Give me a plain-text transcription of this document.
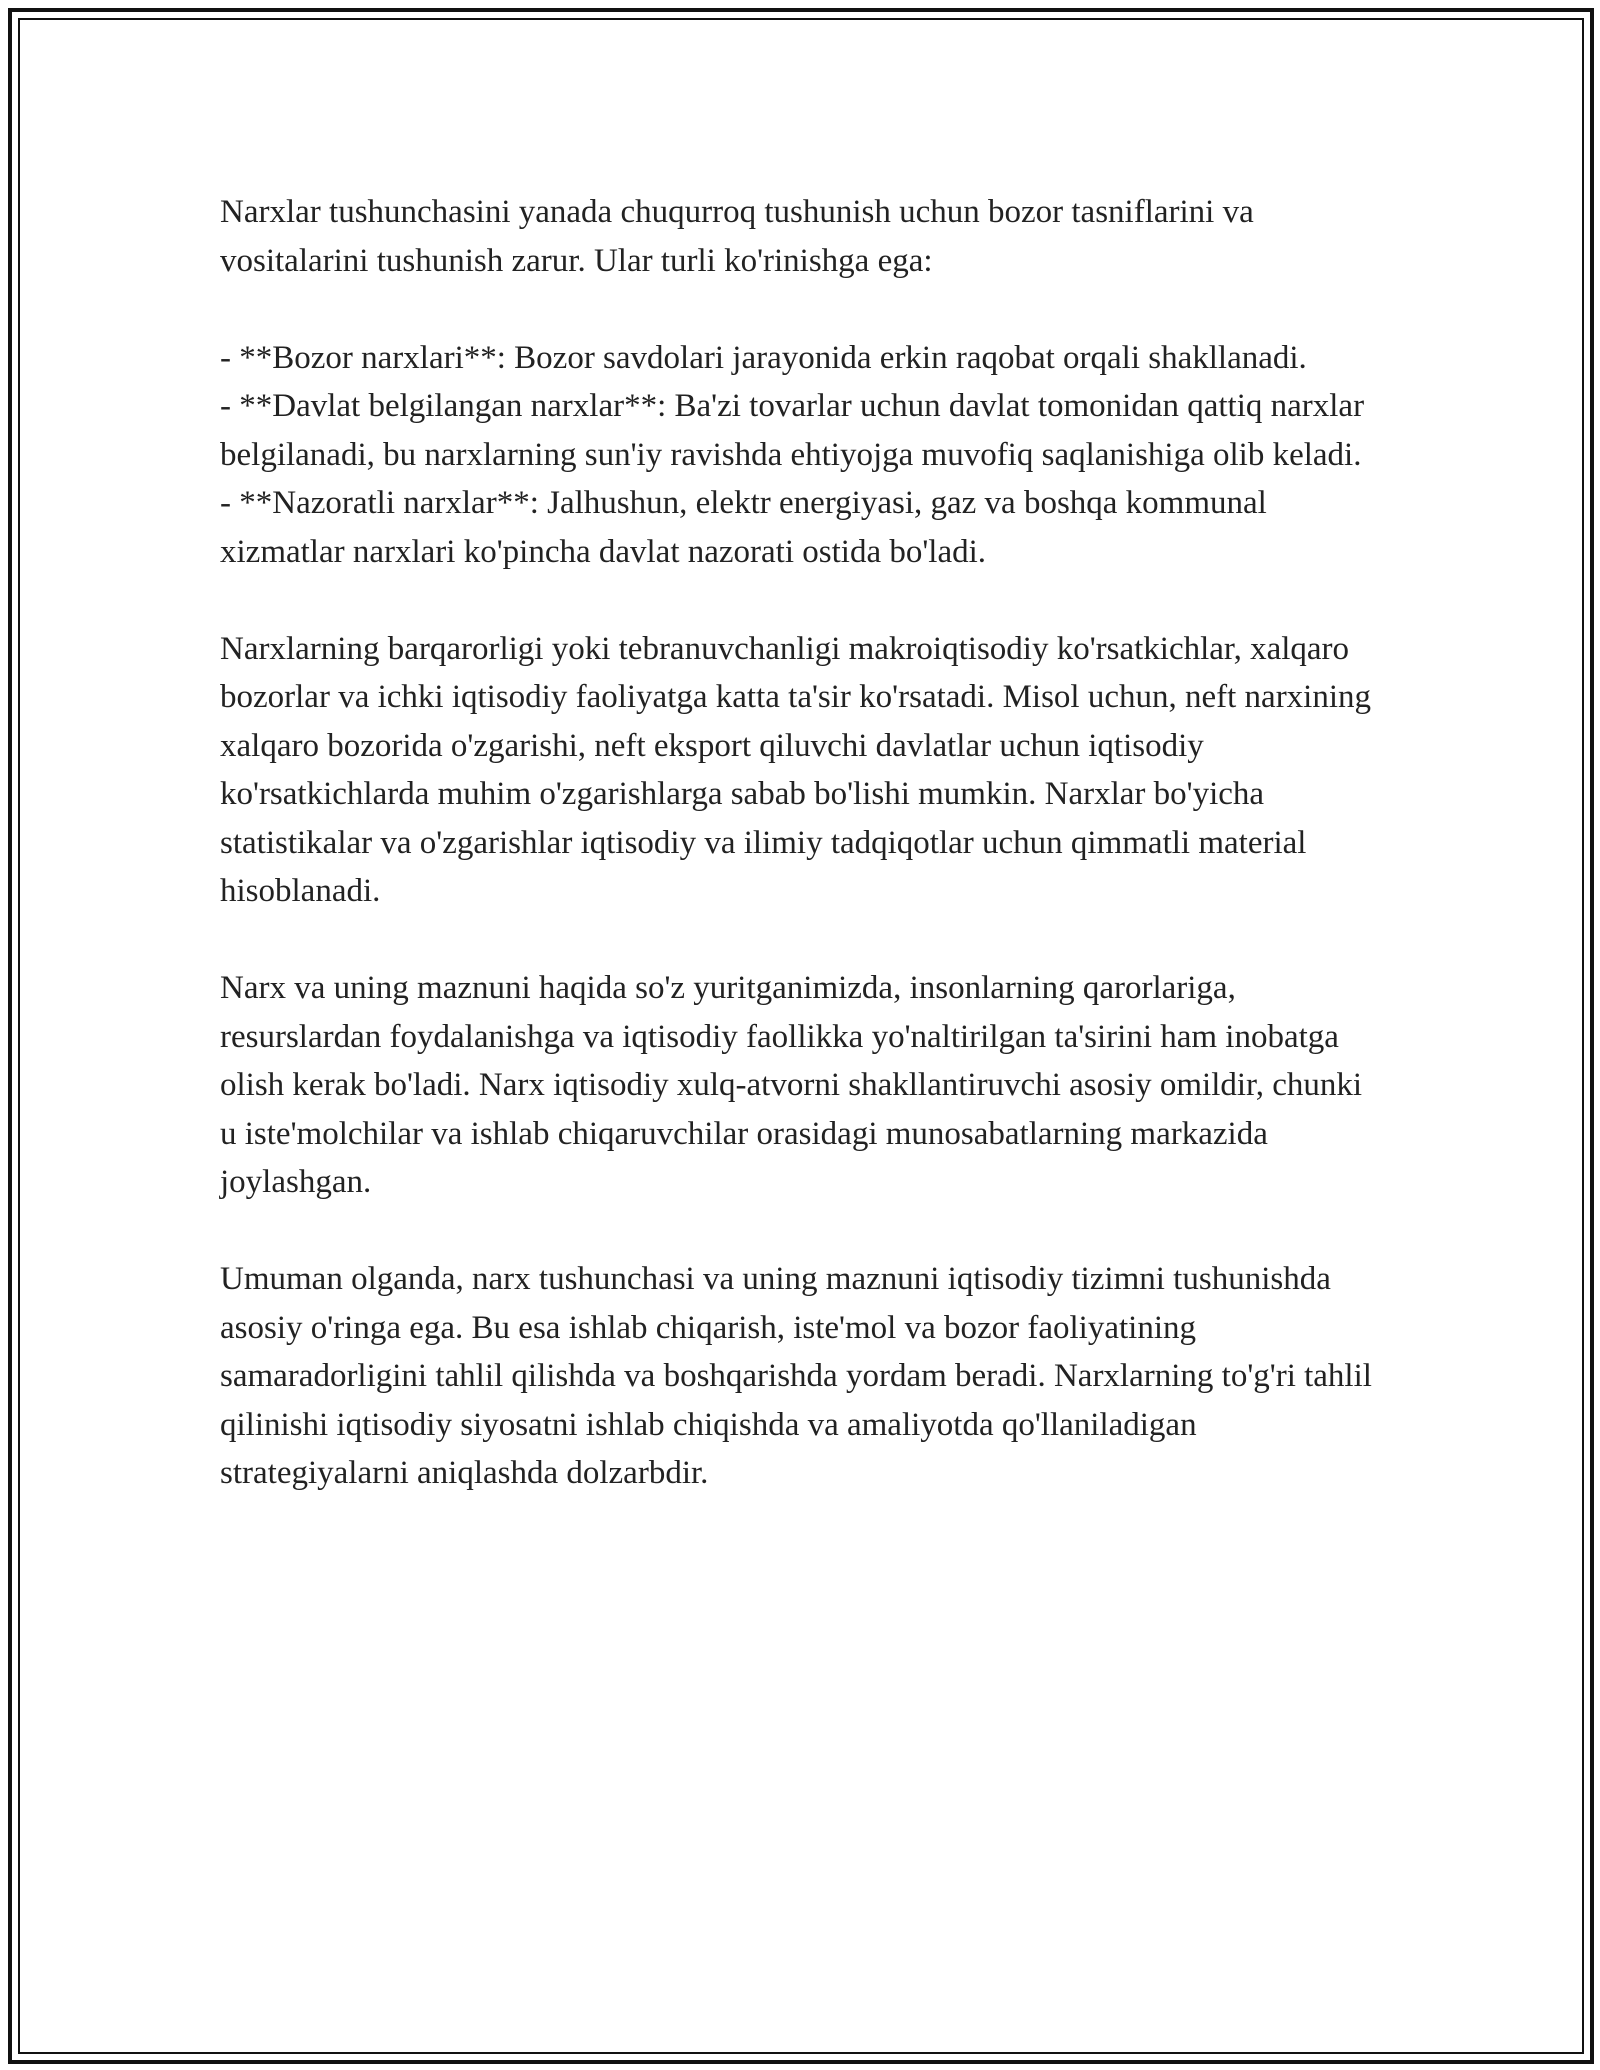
Narxlar tushunchasini yanada chuqurroq tushunish uchun bozor tasniflarini va vositalarini tushunish zarur. Ular turli ko'rinishga ega:

- **Bozor narxlari**: Bozor savdolari jarayonida erkin raqobat orqali shakllanadi.
- **Davlat belgilangan narxlar**: Ba'zi tovarlar uchun davlat tomonidan qattiq narxlar belgilanadi, bu narxlarning sun'iy ravishda ehtiyojga muvofiq saqlanishiga olib keladi.
- **Nazoratli narxlar**: Jalhushun, elektr energiyasi, gaz va boshqa kommunal xizmatlar narxlari ko'pincha davlat nazorati ostida bo'ladi.

Narxlarning barqarorligi yoki tebranuvchanligi makroiqtisodiy ko'rsatkichlar, xalqaro bozorlar va ichki iqtisodiy faoliyatga katta ta'sir ko'rsatadi. Misol uchun, neft narxining xalqaro bozorida o'zgarishi, neft eksport qiluvchi davlatlar uchun iqtisodiy ko'rsatkichlarda muhim o'zgarishlarga sabab bo'lishi mumkin. Narxlar bo'yicha statistikalar va o'zgarishlar iqtisodiy va ilimiy tadqiqotlar uchun qimmatli material hisoblanadi.

Narx va uning maznuni haqida so'z yuritganimizda, insonlarning qarorlariga, resurslardan foydalanishga va iqtisodiy faollikka yo'naltirilgan ta'sirini ham inobatga olish kerak bo'ladi. Narx iqtisodiy xulq-atvorni shakllantiruvchi asosiy omildir, chunki u iste'molchilar va ishlab chiqaruvchilar orasidagi munosabatlarning markazida joylashgan.

Umuman olganda, narx tushunchasi va uning maznuni iqtisodiy tizimni tushunishda asosiy o'ringa ega. Bu esa ishlab chiqarish, iste'mol va bozor faoliyatining samaradorligini tahlil qilishda va boshqarishda yordam beradi. Narxlarning to'g'ri tahlil qilinishi iqtisodiy siyosatni ishlab chiqishda va amaliyotda qo'llaniladigan strategiyalarni aniqlashda dolzarbdir.
